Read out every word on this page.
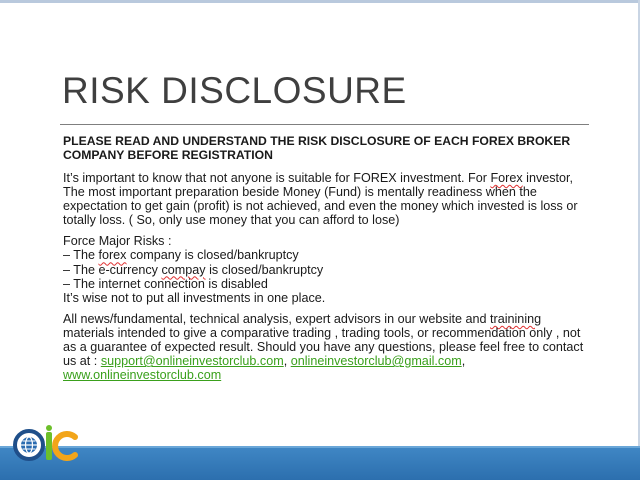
RISK DISCLOSURE
PLEASE READ AND UNDERSTAND THE RISK DISCLOSURE OF EACH FOREX BROKER COMPANY BEFORE REGISTRATION
It’s important to know that not anyone is suitable for FOREX investment. For Forex investor, The most important preparation beside Money (Fund) is mentally readiness when the expectation to get gain (profit) is not achieved, and even the money which invested is loss or totally loss. ( So, only use money that you can afford to lose)
Force Major Risks :
– The forex company is closed/bankruptcy
– The e-currency compay is closed/bankruptcy
– The internet connection is disabled
It’s wise not to put all investments in one place.
All news/fundamental, technical analysis, expert advisors in our website and trainining materials intended to give a comparative trading , trading tools, or recommendation only , not as a guarantee of expected result. Should you have any questions, please feel free to contact us at : support@onlineinvestorclub.com, onlineinvestorclub@gmail.com, www.onlineinvestorclub.com
